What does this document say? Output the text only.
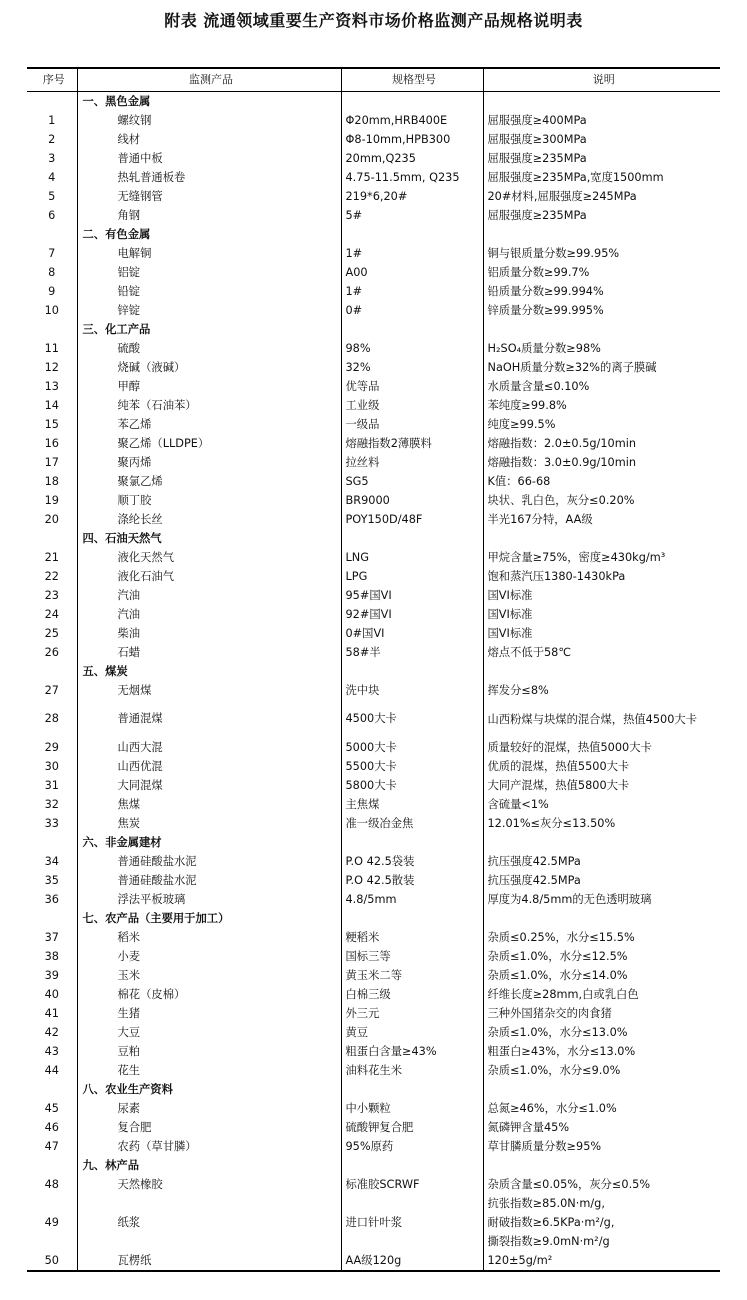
附表 流通领域重要生产资料市场价格监测产品规格说明表
序号	监测产品	规格型号	说明
	一、黑色金属		
1	螺纹钢	Φ20mm,HRB400E	屈服强度≥400MPa
2	线材	Φ8-10mm,HPB300	屈服强度≥300MPa
3	普通中板	20mm,Q235	屈服强度≥235MPa
4	热轧普通板卷	4.75-11.5mm, Q235	屈服强度≥235MPa,宽度1500mm
5	无缝钢管	219*6,20#	20#材料,屈服强度≥245MPa
6	角钢	5#	屈服强度≥235MPa
	二、有色金属		
7	电解铜	1#	铜与银质量分数≥99.95%
8	铝锭	A00	铝质量分数≥99.7%
9	铅锭	1#	铅质量分数≥99.994%
10	锌锭	0#	锌质量分数≥99.995%
	三、化工产品		
11	硫酸	98%	H₂SO₄质量分数≥98%
12	烧碱（液碱）	32%	NaOH质量分数≥32%的离子膜碱
13	甲醇	优等品	水质量含量≤0.10%
14	纯苯（石油苯）	工业级	苯纯度≥99.8%
15	苯乙烯	一级品	纯度≥99.5%
16	聚乙烯（LLDPE）	熔融指数2薄膜料	熔融指数：2.0±0.5g/10min
17	聚丙烯	拉丝料	熔融指数：3.0±0.9g/10min
18	聚氯乙烯	SG5	K值：66-68
19	顺丁胶	BR9000	块状、乳白色，灰分≤0.20%
20	涤纶长丝	POY150D/48F	半光167分特，AA级
	四、石油天然气		
21	液化天然气	LNG	甲烷含量≥75%，密度≥430kg/m³
22	液化石油气	LPG	饱和蒸汽压1380-1430kPa
23	汽油	95#国VI	国VI标准
24	汽油	92#国VI	国VI标准
25	柴油	0#国VI	国VI标准
26	石蜡	58#半	熔点不低于58℃
	五、煤炭		
27	无烟煤	洗中块	挥发分≤8%
28	普通混煤	4500大卡	山西粉煤与块煤的混合煤，热值4500大卡
29	山西大混	5000大卡	质量较好的混煤，热值5000大卡
30	山西优混	5500大卡	优质的混煤，热值5500大卡
31	大同混煤	5800大卡	大同产混煤，热值5800大卡
32	焦煤	主焦煤	含硫量<1%
33	焦炭	准一级冶金焦	12.01%≤灰分≤13.50%
	六、非金属建材		
34	普通硅酸盐水泥	P.O 42.5袋装	抗压强度42.5MPa
35	普通硅酸盐水泥	P.O 42.5散装	抗压强度42.5MPa
36	浮法平板玻璃	4.8/5mm	厚度为4.8/5mm的无色透明玻璃
	七、农产品（主要用于加工）		
37	稻米	粳稻米	杂质≤0.25%，水分≤15.5%
38	小麦	国标三等	杂质≤1.0%，水分≤12.5%
39	玉米	黄玉米二等	杂质≤1.0%，水分≤14.0%
40	棉花（皮棉）	白棉三级	纤维长度≥28mm,白或乳白色
41	生猪	外三元	三种外国猪杂交的肉食猪
42	大豆	黄豆	杂质≤1.0%，水分≤13.0%
43	豆粕	粗蛋白含量≥43%	粗蛋白≥43%，水分≤13.0%
44	花生	油料花生米	杂质≤1.0%，水分≤9.0%
	八、农业生产资料		
45	尿素	中小颗粒	总氮≥46%，水分≤1.0%
46	复合肥	硫酸钾复合肥	氮磷钾含量45%
47	农药（草甘膦）	95%原药	草甘膦质量分数≥95%
	九、林产品		
48	天然橡胶	标准胶SCRWF	杂质含量≤0.05%，灰分≤0.5%
49	纸浆	进口针叶浆	抗张指数≥85.0N·m/g,
耐破指数≥6.5KPa·m²/g,
撕裂指数≥9.0mN·m²/g
50	瓦楞纸	AA级120g	120±5g/m²
